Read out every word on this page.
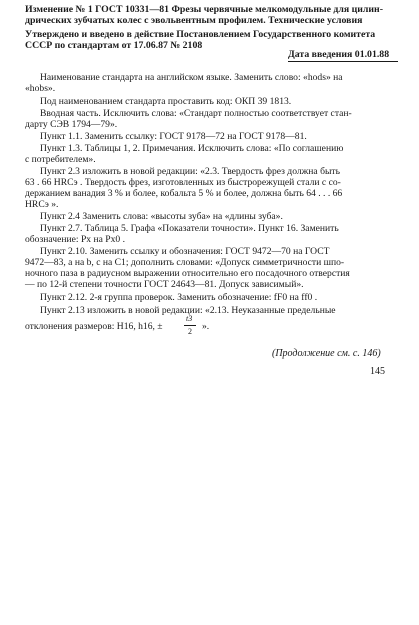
Изменение № 1 ГОСТ 10331—81 Фрезы червячные мелкомодульные для цилин-
дрических зубчатых колес с эвольвентным профилем. Технические условия
Утверждено и введено в действие Постановлением Государственного комитета
СССР по стандартам от 17.06.87 № 2108
Дата введения 01.01.88
Наименование стандарта на английском языке. Заменить слово: «hods» на
«hobs».
Под наименованием стандарта проставить код: ОКП 39 1813.
Вводная часть. Исключить слова: «Стандарт полностью соответствует стан-
дарту СЭВ 1794—79».
Пункт 1.1. Заменить ссылку: ГОСТ 9178—72 на ГОСТ 9178—81.
Пункт 1.3. Таблицы 1, 2. Примечания. Исключить слова: «По соглашению
с потребителем».
Пункт 2.3 изложить в новой редакции: «2.3. Твердость фрез должна быть
63 . 66 HRCэ . Твердость фрез, изготовленных из быстрорежущей стали с со-
держанием ванадия 3 % и более, кобальта 5 % и более, должна быть 64 . . . 66
HRCэ ».
Пункт 2.4 Заменить слова: «высоты зуба» на «длины зуба».
Пункт 2.7. Таблица 5. Графа «Показатели точности». Пункт 16. Заменить
обозначение: Px на Px0 .
Пункт 2.10. Заменить ссылку и обозначения: ГОСТ 9472—70 на ГОСТ
9472—83, a на b, c на C1; дополнить словами: «Допуск симметричности шпо-
ночного паза в радиусном выражении относительно его посадочного отверстия
— по 12-й степени точности ГОСТ 24643—81. Допуск зависимый».
Пункт 2.12. 2-я группа проверок. Заменить обозначение: fF0 на ff0 .
Пункт 2.13 изложить в новой редакции: «2.13. Неуказанные предельные
отклонения размеров: H16, h16, ±
t3
2 ».
(Продолжение см. с. 146)
145
